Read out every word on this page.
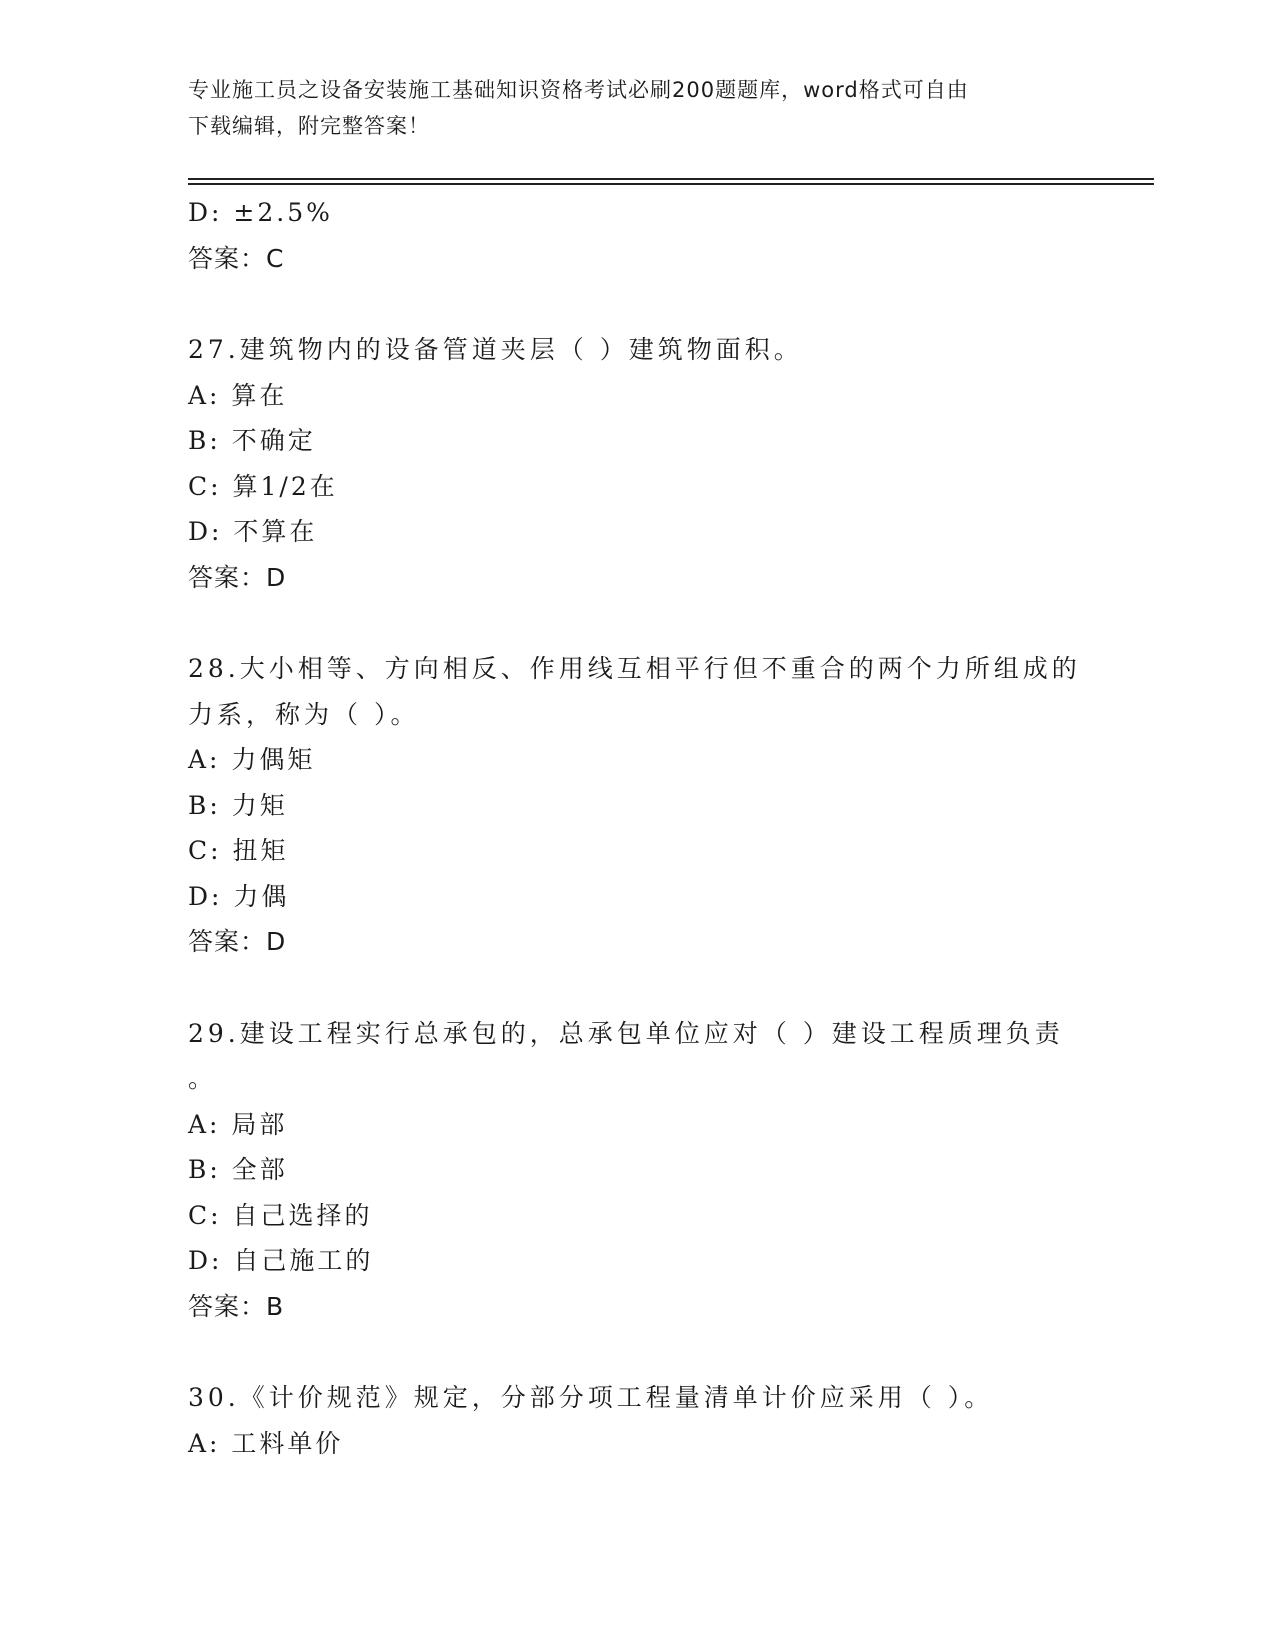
专业施工员之设备安装施工基础知识资格考试必刷200题题库，word格式可自由
下载编辑，附完整答案！
D: ±2.5%
答案：C
27.建筑物内的设备管道夹层（ ）建筑物面积。
A: 算在
B: 不确定
C: 算1/2在
D: 不算在
答案：D
28.大小相等、方向相反、作用线互相平行但不重合的两个力所组成的
力系，称为（ ）。
A: 力偶矩
B: 力矩
C: 扭矩
D: 力偶
答案：D
29.建设工程实行总承包的，总承包单位应对（ ）建设工程质理负责
。
A: 局部
B: 全部
C: 自己选择的
D: 自己施工的
答案：B
30.《计价规范》规定，分部分项工程量清单计价应采用（ ）。
A: 工料单价
